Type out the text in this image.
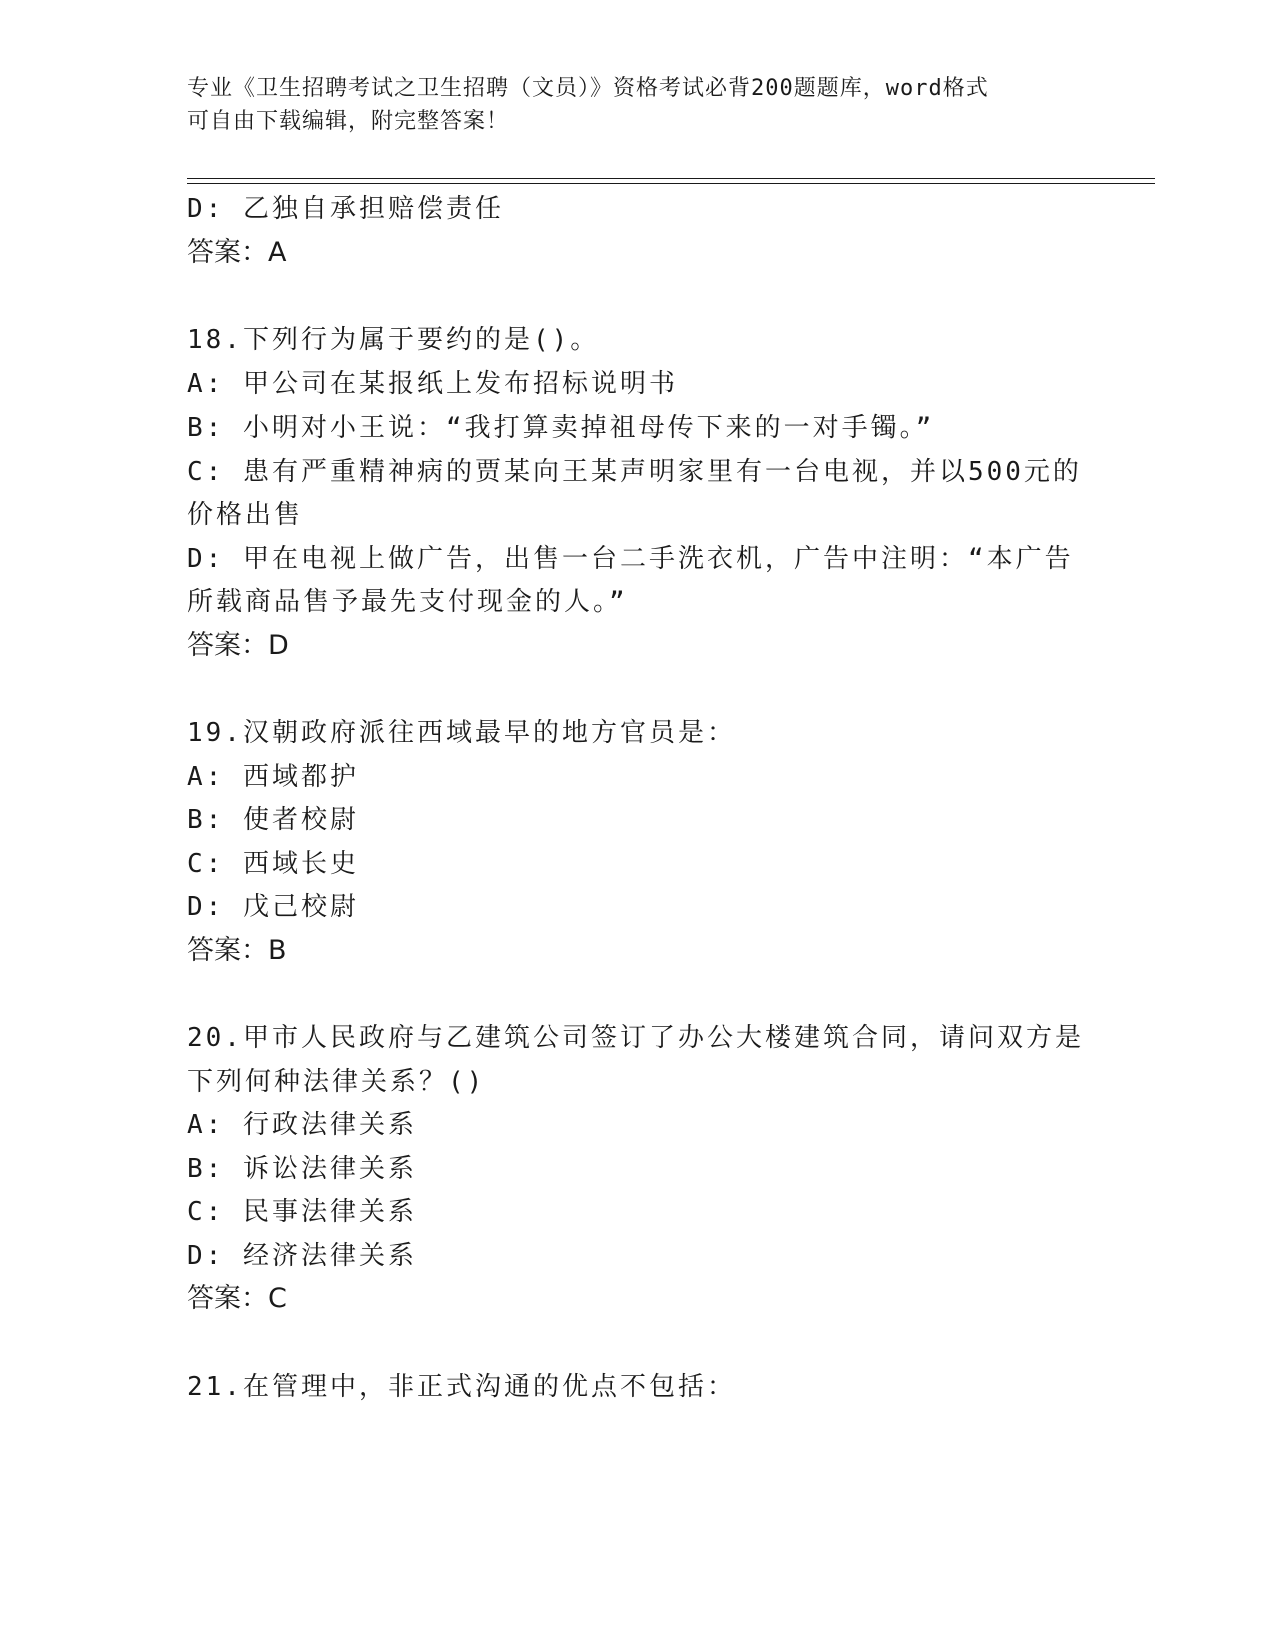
专业《卫生招聘考试之卫生招聘（文员）》资格考试必背200题题库，word格式
可自由下载编辑，附完整答案！
D: 乙独自承担赔偿责任
答案：A
18.下列行为属于要约的是()。
A: 甲公司在某报纸上发布招标说明书
B: 小明对小王说：“我打算卖掉祖母传下来的一对手镯。”
C: 患有严重精神病的贾某向王某声明家里有一台电视，并以500元的
价格出售
D: 甲在电视上做广告，出售一台二手洗衣机，广告中注明：“本广告
所载商品售予最先支付现金的人。”
答案：D
19.汉朝政府派往西域最早的地方官员是：
A: 西域都护
B: 使者校尉
C: 西域长史
D: 戊己校尉
答案：B
20.甲市人民政府与乙建筑公司签订了办公大楼建筑合同，请问双方是
下列何种法律关系？()
A: 行政法律关系
B: 诉讼法律关系
C: 民事法律关系
D: 经济法律关系
答案：C
21.在管理中，非正式沟通的优点不包括：
